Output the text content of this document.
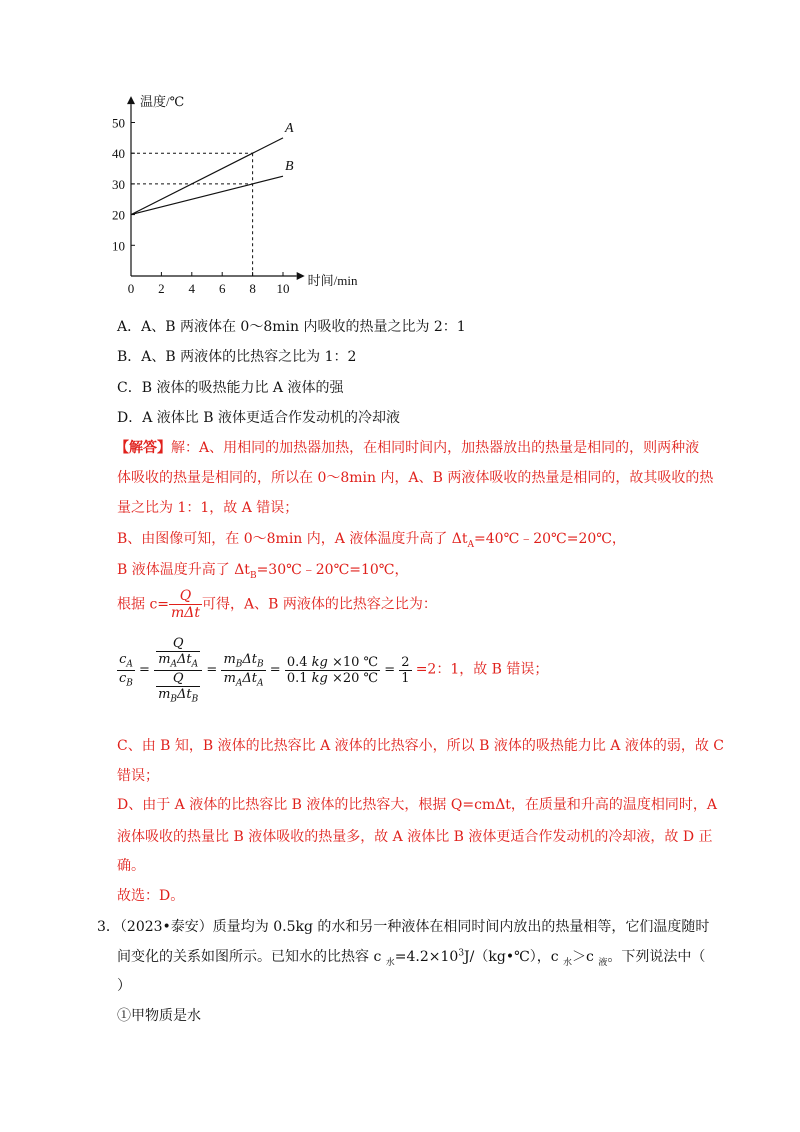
0 2 4 6 8 10
10
20
30
40
50
温度/℃
时间/min
A
B
A．A、B 两液体在 0～8min 内吸收的热量之比为 2：1
B．A、B 两液体的比热容之比为 1：2
C．B 液体的吸热能力比 A 液体的强
D．A 液体比 B 液体更适合作发动机的冷却液
【解答】解：A、用相同的加热器加热，在相同时间内，加热器放出的热量是相同的，则两种液
体吸收的热量是相同的，所以在 0～8min 内，A、B 两液体吸收的热量是相同的，故其吸收的热
量之比为 1：1，故 A 错误；
B、由图像可知，在 0～8min 内，A 液体温度升高了 $\Delta t_A=40℃﹣20℃=20℃$，
B 液体温度升高了 $\Delta t_B=30℃﹣20℃=10℃$，
根据 $c= \frac{Q}{\text{mΔt}}$ 可得，A、B 两液体的比热容之比为：
$\frac{c_A}{c_B} = \frac{\frac{Q}{m_A\Delta t_A}}{\frac{Q}{m_B\Delta t_B}} = \frac{m_B\Delta t_B}{m_A\Delta t_A} = \frac{0.4 kg \times 10 ℃}{0.1 kg \times 20 ℃} = \frac{2}{1} =2$：1，故 B 错误；
C、由 B 知，B 液体的比热容比 A 液体的比热容小，所以 B 液体的吸热能力比 A 液体的弱，故 C
错误；
D、由于 A 液体的比热容比 B 液体的比热容大，根据 Q=cmΔt，在质量和升高的温度相同时，A
液体吸收的热量比 B 液体吸收的热量多，故 A 液体比 B 液体更适合作发动机的冷却液，故 D 正
确。
故选：D。
3．（2023•泰安）质量均为 0.5kg 的水和另一种液体在相同时间内放出的热量相等，它们温度随时
间变化的关系如图所示。已知水的比热容 c $_水=4.2\times 10^3J/(kg•℃)$，c $_水$＞c $_液$。下列说法中（
）
①甲物质是水
